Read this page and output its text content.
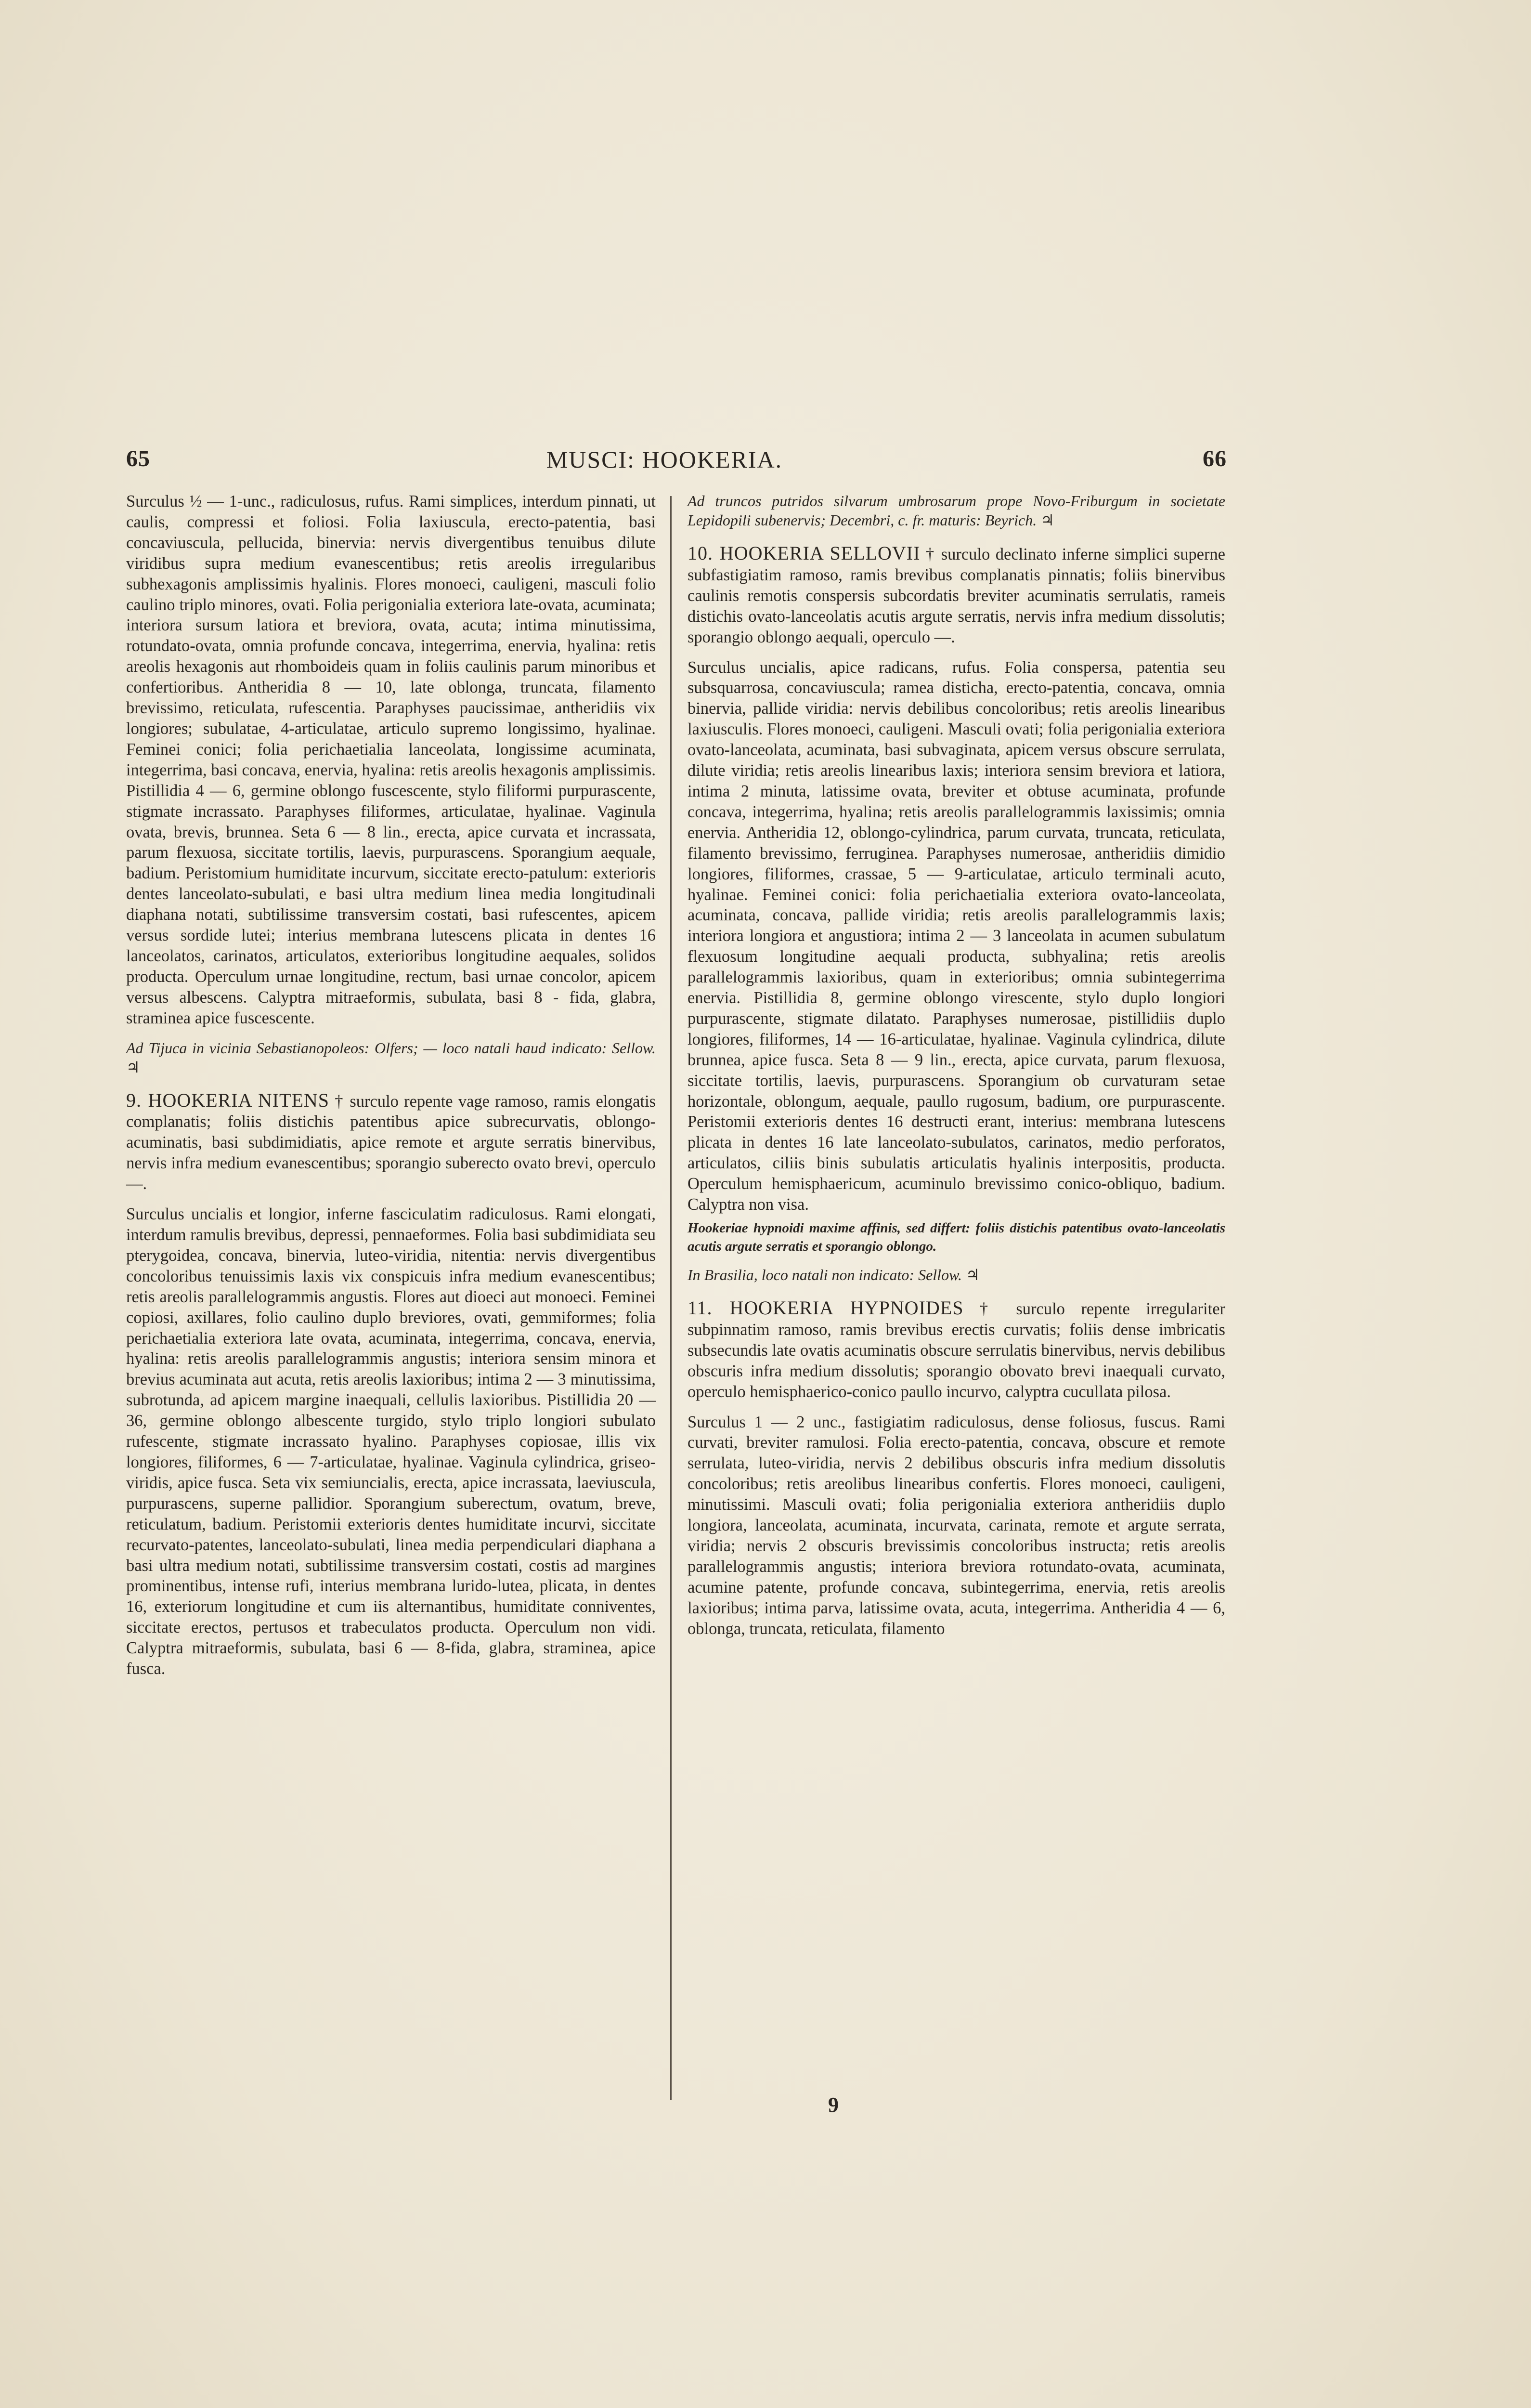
65	MUSCI: HOOKERIA.	66

Surculus ½ — 1-unc., radiculosus, rufus. Rami simplices, interdum pinnati, ut caulis, compressi et foliosi. Folia laxiuscula, erecto-patentia, basi concaviuscula, pellucida, binervia: nervis divergentibus tenuibus dilute viridibus supra medium evanescentibus; retis areolis irregularibus subhexagonis amplissimis hyalinis. Flores monoeci, cauligeni, masculi folio caulino triplo minores, ovati. Folia perigonialia exteriora late-ovata, acuminata; interiora sursum latiora et breviora, ovata, acuta; intima minutissima, rotundato-ovata, omnia profunde concava, integerrima, enervia, hyalina: retis areolis hexagonis aut rhomboideis quam in foliis caulinis parum minoribus et confertioribus. Antheridia 8 — 10, late oblonga, truncata, filamento brevissimo, reticulata, rufescentia. Paraphyses paucissimae, antheridiis vix longiores; subulatae, 4-articulatae, articulo supremo longissimo, hyalinae. Feminei conici; folia perichaetialia lanceolata, longissime acuminata, integerrima, basi concava, enervia, hyalina: retis areolis hexagonis amplissimis. Pistillidia 4 — 6, germine oblongo fuscescente, stylo filiformi purpurascente, stigmate incrassato. Paraphyses filiformes, articulatae, hyalinae. Vaginula ovata, brevis, brunnea. Seta 6 — 8 lin., erecta, apice curvata et incrassata, parum flexuosa, siccitate tortilis, laevis, purpurascens. Sporangium aequale, badium. Peristomium humiditate incurvum, siccitate erecto-patulum: exterioris dentes lanceolato-subulati, e basi ultra medium linea media longitudinali diaphana notati, subtilissime transversim costati, basi rufescentes, apicem versus sordide lutei; interius membrana lutescens plicata in dentes 16 lanceolatos, carinatos, articulatos, exterioribus longitudine aequales, solidos producta. Operculum urnae longitudine, rectum, basi urnae concolor, apicem versus albescens. Calyptra mitraeformis, subulata, basi 8 - fida, glabra, straminea apice fuscescente.

Ad Tijuca in vicinia Sebastianopoleos: Olfers; — loco natali haud indicato: Sellow. ♃

9. HOOKERIA NITENS † surculo repente vage ramoso, ramis elongatis complanatis; foliis distichis patentibus apice subrecurvatis, oblongo-acuminatis, basi subdimidiatis, apice remote et argute serratis binervibus, nervis infra medium evanescentibus; sporangio suberecto ovato brevi, operculo —.

Surculus uncialis et longior, inferne fasciculatim radiculosus. Rami elongati, interdum ramulis brevibus, depressi, pennaeformes. Folia basi subdimidiata seu pterygoidea, concava, binervia, luteo-viridia, nitentia: nervis divergentibus concoloribus tenuissimis laxis vix conspicuis infra medium evanescentibus; retis areolis parallelogrammis angustis. Flores aut dioeci aut monoeci. Feminei copiosi, axillares, folio caulino duplo breviores, ovati, gemmiformes; folia perichaetialia exteriora late ovata, acuminata, integerrima, concava, enervia, hyalina: retis areolis parallelogrammis angustis; interiora sensim minora et brevius acuminata aut acuta, retis areolis laxioribus; intima 2 — 3 minutissima, subrotunda, ad apicem margine inaequali, cellulis laxioribus. Pistillidia 20 — 36, germine oblongo albescente turgido, stylo triplo longiori subulato rufescente, stigmate incrassato hyalino. Paraphyses copiosae, illis vix longiores, filiformes, 6 — 7-articulatae, hyalinae. Vaginula cylindrica, griseo-viridis, apice fusca. Seta vix semiuncialis, erecta, apice incrassata, laeviuscula, purpurascens, superne pallidior. Sporangium suberectum, ovatum, breve, reticulatum, badium. Peristomii exterioris dentes humiditate incurvi, siccitate recurvato-patentes, lanceolato-subulati, linea media perpendiculari diaphana a basi ultra medium notati, subtilissime transversim costati, costis ad margines prominentibus, intense rufi, interius membrana lurido-lutea, plicata, in dentes 16, exteriorum longitudine et cum iis alternantibus, humiditate conniventes, siccitate erectos, pertusos et trabeculatos producta. Operculum non vidi. Calyptra mitraeformis, subulata, basi 6 — 8-fida, glabra, straminea, apice fusca.

Ad truncos putridos silvarum umbrosarum prope Novo-Friburgum in societate Lepidopili subenervis; Decembri, c. fr. maturis: Beyrich. ♃

10. HOOKERIA SELLOVII † surculo declinato inferne simplici superne subfastigiatim ramoso, ramis brevibus complanatis pinnatis; foliis binervibus caulinis remotis conspersis subcordatis breviter acuminatis serrulatis, rameis distichis ovato-lanceolatis acutis argute serratis, nervis infra medium dissolutis; sporangio oblongo aequali, operculo —.

Surculus uncialis, apice radicans, rufus. Folia conspersa, patentia seu subsquarrosa, concaviuscula; ramea disticha, erecto-patentia, concava, omnia binervia, pallide viridia: nervis debilibus concoloribus; retis areolis linearibus laxiusculis. Flores monoeci, cauligeni. Masculi ovati; folia perigonialia exteriora ovato-lanceolata, acuminata, basi subvaginata, apicem versus obscure serrulata, dilute viridia; retis areolis linearibus laxis; interiora sensim breviora et latiora, intima 2 minuta, latissime ovata, breviter et obtuse acuminata, profunde concava, integerrima, hyalina; retis areolis parallelogrammis laxissimis; omnia enervia. Antheridia 12, oblongo-cylindrica, parum curvata, truncata, reticulata, filamento brevissimo, ferruginea. Paraphyses numerosae, antheridiis dimidio longiores, filiformes, crassae, 5 — 9-articulatae, articulo terminali acuto, hyalinae. Feminei conici: folia perichaetialia exteriora ovato-lanceolata, acuminata, concava, pallide viridia; retis areolis parallelogrammis laxis; interiora longiora et angustiora; intima 2 — 3 lanceolata in acumen subulatum flexuosum longitudine aequali producta, subhyalina; retis areolis parallelogrammis laxioribus, quam in exterioribus; omnia subintegerrima enervia. Pistillidia 8, germine oblongo virescente, stylo duplo longiori purpurascente, stigmate dilatato. Paraphyses numerosae, pistillidiis duplo longiores, filiformes, 14 — 16-articulatae, hyalinae. Vaginula cylindrica, dilute brunnea, apice fusca. Seta 8 — 9 lin., erecta, apice curvata, parum flexuosa, siccitate tortilis, laevis, purpurascens. Sporangium ob curvaturam setae horizontale, oblongum, aequale, paullo rugosum, badium, ore purpurascente. Peristomii exterioris dentes 16 destructi erant, interius: membrana lutescens plicata in dentes 16 late lanceolato-subulatos, carinatos, medio perforatos, articulatos, ciliis binis subulatis articulatis hyalinis interpositis, producta. Operculum hemisphaericum, acuminulo brevissimo conico-obliquo, badium. Calyptra non visa.

Hookeriae hypnoidi maxime affinis, sed differt: foliis distichis patentibus ovato-lanceolatis acutis argute serratis et sporangio oblongo.

In Brasilia, loco natali non indicato: Sellow. ♃

11. HOOKERIA HYPNOIDES † surculo repente irregulariter subpinnatim ramoso, ramis brevibus erectis curvatis; foliis dense imbricatis subsecundis late ovatis acuminatis obscure serrulatis binervibus, nervis debilibus obscuris infra medium dissolutis; sporangio obovato brevi inaequali curvato, operculo hemisphaerico-conico paullo incurvo, calyptra cucullata pilosa.

Surculus 1 — 2 unc., fastigiatim radiculosus, dense foliosus, fuscus. Rami curvati, breviter ramulosi. Folia erecto-patentia, concava, obscure et remote serrulata, luteo-viridia, nervis 2 debilibus obscuris infra medium dissolutis concoloribus; retis areolibus linearibus confertis. Flores monoeci, cauligeni, minutissimi. Masculi ovati; folia perigonialia exteriora antheridiis duplo longiora, lanceolata, acuminata, incurvata, carinata, remote et argute serrata, viridia; nervis 2 obscuris brevissimis concoloribus instructa; retis areolis parallelogrammis angustis; interiora breviora rotundato-ovata, acuminata, acumine patente, profunde concava, subintegerrima, enervia, retis areolis laxioribus; intima parva, latissime ovata, acuta, integerrima. Antheridia 4 — 6, oblonga, truncata, reticulata, filamento

9
